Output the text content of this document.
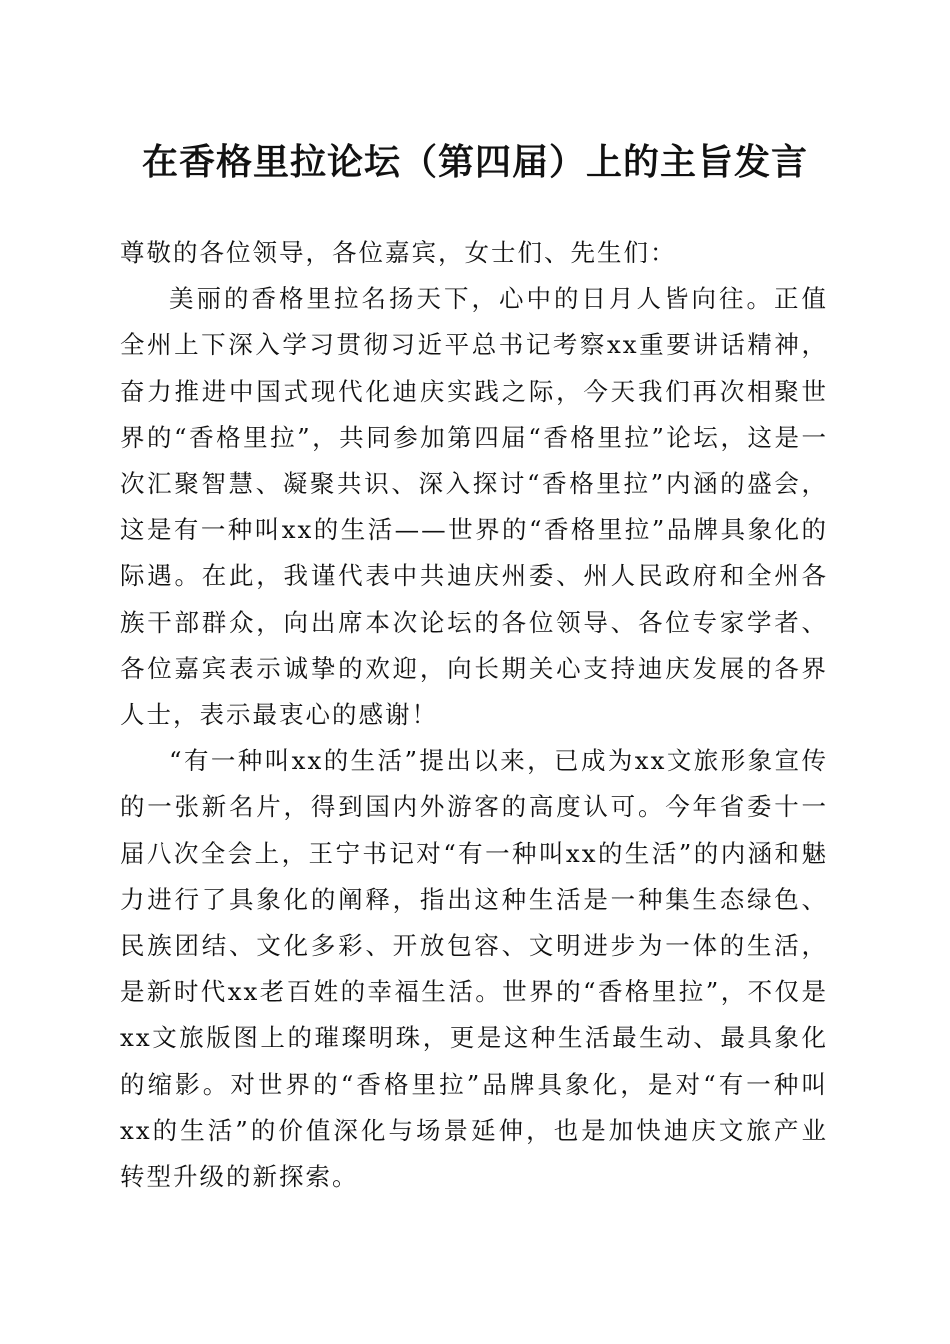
在香格里拉论坛（第四届）上的主旨发言

尊敬的各位领导，各位嘉宾，女士们、先生们：

美丽的香格里拉名扬天下，心中的日月人皆向往。正值全州上下深入学习贯彻习近平总书记考察xx重要讲话精神，奋力推进中国式现代化迪庆实践之际，今天我们再次相聚世界的“香格里拉”，共同参加第四届“香格里拉”论坛，这是一次汇聚智慧、凝聚共识、深入探讨“香格里拉”内涵的盛会，这是有一种叫xx的生活——世界的“香格里拉”品牌具象化的际遇。在此，我谨代表中共迪庆州委、州人民政府和全州各族干部群众，向出席本次论坛的各位领导、各位专家学者、各位嘉宾表示诚挚的欢迎，向长期关心支持迪庆发展的各界人士，表示最衷心的感谢！

“有一种叫xx的生活”提出以来，已成为xx文旅形象宣传的一张新名片，得到国内外游客的高度认可。今年省委十一届八次全会上，王宁书记对“有一种叫xx的生活”的内涵和魅力进行了具象化的阐释，指出这种生活是一种集生态绿色、民族团结、文化多彩、开放包容、文明进步为一体的生活，是新时代xx老百姓的幸福生活。世界的“香格里拉”，不仅是xx文旅版图上的璀璨明珠，更是这种生活最生动、最具象化的缩影。对世界的“香格里拉”品牌具象化，是对“有一种叫xx的生活”的价值深化与场景延伸，也是加快迪庆文旅产业转型升级的新探索。
